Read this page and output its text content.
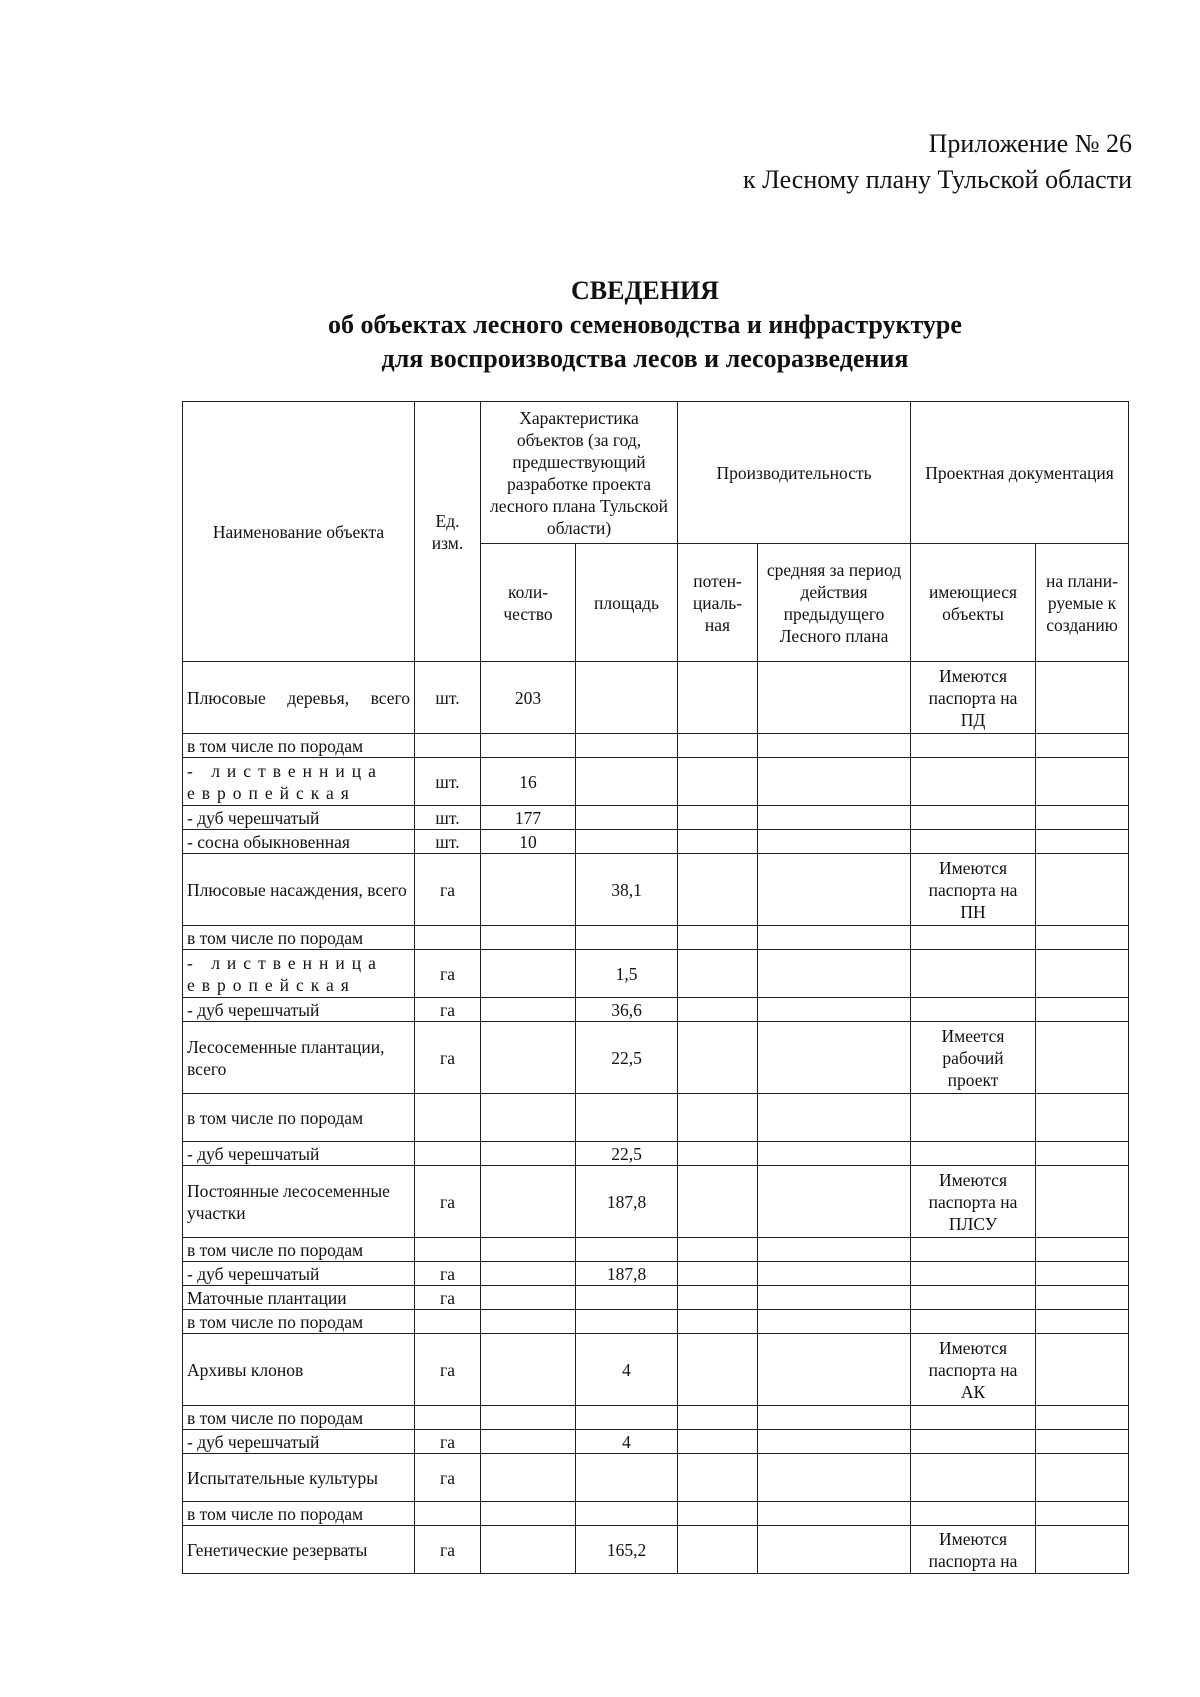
Приложение № 26
к Лесному плану Тульской области
СВЕДЕНИЯ
об объектах лесного семеноводства и инфраструктуре
для воспроизводства лесов и лесоразведения
Наименование объекта	Ед. изм.	Характеристика объектов (за год, предшествующий разработке проекта лесного плана Тульской области)		Производительность		Проектная документация	
		коли-чество	площадь	потен-циаль-ная	средняя за период действия предыдущего Лесного плана	имеющиеся объекты	на плани-руемые к созданию
Плюсовые деревья, всего	шт.	203				Имеются паспорта на ПД	
в том числе по породам							
- лиственница европейская	шт.	16					
- дуб черешчатый	шт.	177					
- сосна обыкновенная	шт.	10					
Плюсовые насаждения, всего	га		38,1			Имеются паспорта на ПН	
в том числе по породам							
- лиственница европейская	га		1,5				
- дуб черешчатый	га		36,6				
Лесосеменные плантации, всего	га		22,5			Имеется рабочий проект	
в том числе по породам							
- дуб черешчатый			22,5				
Постоянные лесосеменные участки	га		187,8			Имеются паспорта на ПЛСУ	
в том числе по породам							
- дуб черешчатый	га		187,8				
Маточные плантации	га						
в том числе по породам							
Архивы клонов	га		4			Имеются паспорта на АК	
в том числе по породам							
- дуб черешчатый	га		4				
Испытательные культуры	га						
в том числе по породам							
Генетические резерваты	га		165,2			Имеются паспорта на	
